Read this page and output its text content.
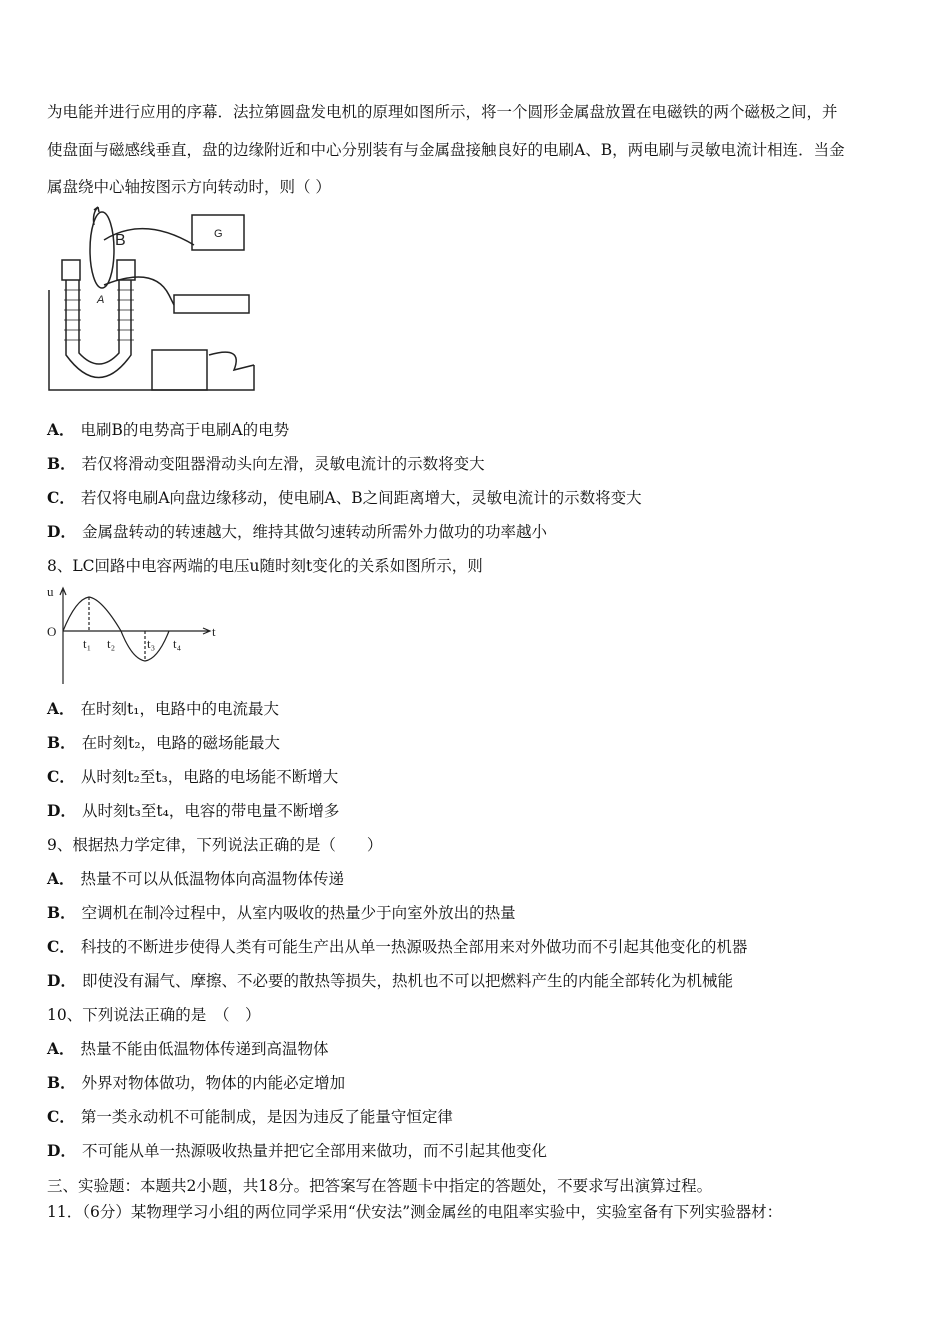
为电能并进行应用的序幕．法拉第圆盘发电机的原理如图所示，将一个圆形金属盘放置在电磁铁的两个磁极之间，并
使盘面与磁感线垂直，盘的边缘附近和中心分别装有与金属盘接触良好的电刷A、B，两电刷与灵敏电流计相连．当金
属盘绕中心轴按图示方向转动时，则（ ）
B
A
G
A． 电刷B的电势高于电刷A的电势
B． 若仅将滑动变阻器滑动头向左滑，灵敏电流计的示数将变大
C． 若仅将电刷A向盘边缘移动，使电刷A、B之间距离增大，灵敏电流计的示数将变大
D． 金属盘转动的转速越大，维持其做匀速转动所需外力做功的功率越小
8、LC回路中电容两端的电压u随时刻t变化的关系如图所示，则
u
O	t
t₁ t₂ t₃ t₄
A． 在时刻t₁，电路中的电流最大
B． 在时刻t₂，电路的磁场能最大
C． 从时刻t₂至t₃，电路的电场能不断增大
D． 从时刻t₃至t₄，电容的带电量不断增多
9、根据热力学定律，下列说法正确的是（　　）
A． 热量不可以从低温物体向高温物体传递
B． 空调机在制冷过程中，从室内吸收的热量少于向室外放出的热量
C． 科技的不断进步使得人类有可能生产出从单一热源吸热全部用来对外做功而不引起其他变化的机器
D． 即使没有漏气、摩擦、不必要的散热等损失，热机也不可以把燃料产生的内能全部转化为机械能
10、下列说法正确的是　（　）
A． 热量不能由低温物体传递到高温物体
B． 外界对物体做功，物体的内能必定增加
C． 第一类永动机不可能制成，是因为违反了能量守恒定律
D． 不可能从单一热源吸收热量并把它全部用来做功，而不引起其他变化
三、实验题：本题共2小题，共18分。把答案写在答题卡中指定的答题处，不要求写出演算过程。
11．（6分）某物理学习小组的两位同学采用“伏安法”测金属丝的电阻率实验中，实验室备有下列实验器材：
